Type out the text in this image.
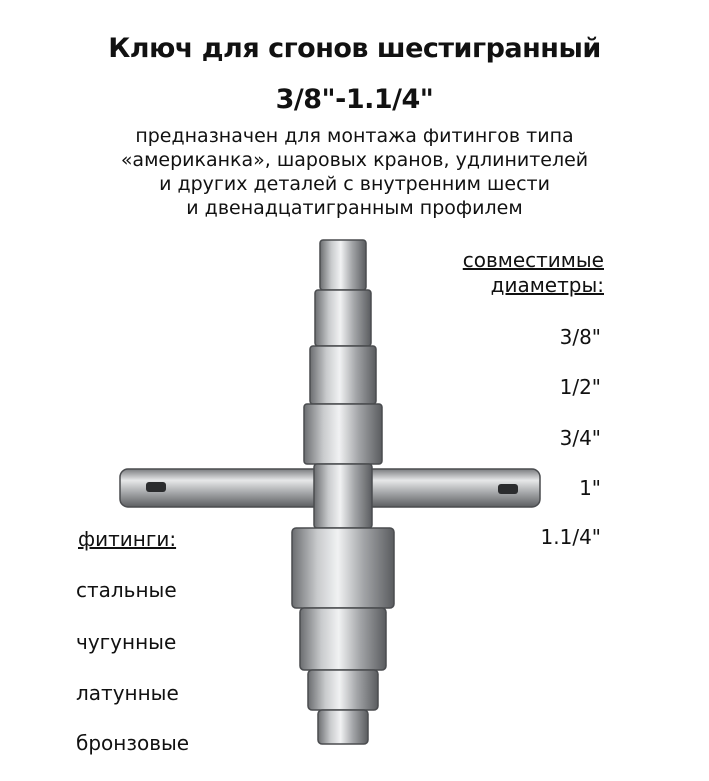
Ключ для сгонов шестигранный
3/8"-1.1/4"

предназначен для монтажа фитингов типа
«американка», шаровых кранов, удлинителей
и других деталей с внутренним шести
и двенадцатигранным профилем

совместимые
диаметры:
3/8"
1/2"
3/4"
1"
1.1/4"
фитинги:
стальные
чугунные
латунные
бронзовые
